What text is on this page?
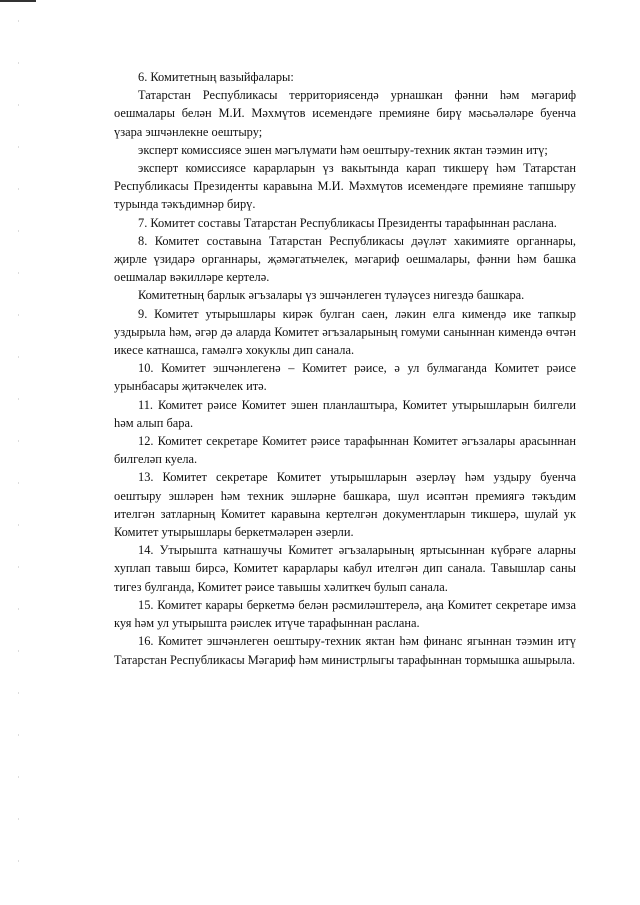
6. Комитетның вазыйфалары:

Татарстан Республикасы территориясендә урнашкан фәнни һәм мәгариф оешмалары белән М.И. Мәхмүтов исемендәге премияне бирү мәсьәләләре буенча үзара эшчәнлекне оештыру;

эксперт комиссиясе эшен мәгълүмати һәм оештыру-техник яктан тәэмин итү;

эксперт комиссиясе карарларын үз вакытында карап тикшерү һәм Татарстан Республикасы Президенты каравына М.И. Мәхмүтов исемендәге премияне тапшыру турында тәкъдимнәр бирү.

7. Комитет составы Татарстан Республикасы Президенты тарафыннан раслана.

8. Комитет составына Татарстан Республикасы дәүләт хакимияте органнары, җирле үзидарә органнары, җәмәгатьчелек, мәгариф оешмалары, фәнни һәм башка оешмалар вәкилләре кертелә.

Комитетның барлык әгъзалары үз эшчәнлеген түләүсез нигездә башкара.

9. Комитет утырышлары кирәк булган саен, ләкин елга кимендә ике тапкыр уздырыла һәм, әгәр дә аларда Комитет әгъзаларының гомуми саныннан кимендә өчтән икесе катнашса, гамәлгә хокуклы дип санала.

10. Комитет эшчәнлегенә – Комитет рәисе, ә ул булмаганда Комитет рәисе урынбасары җитәкчелек итә.

11. Комитет рәисе Комитет эшен планлаштыра, Комитет утырышларын билгели һәм алып бара.

12. Комитет секретаре Комитет рәисе тарафыннан Комитет әгъзалары арасыннан билгеләп куела.

13. Комитет секретаре Комитет утырышларын әзерләү һәм уздыру буенча оештыру эшләрен һәм техник эшләрне башкара, шул исәптән премиягә тәкъдим ителгән затларның Комитет каравына кертелгән документларын тикшерә, шулай ук Комитет утырышлары беркетмәләрен әзерли.

14. Утырышта катнашучы Комитет әгъзаларының яртысыннан күбрәге аларны хуплап тавыш бирсә, Комитет карарлары кабул ителгән дип санала. Тавышлар саны тигез булганда, Комитет рәисе тавышы хәлиткеч булып санала.

15. Комитет карары беркетмә белән рәсмиләштерелә, аңа Комитет секретаре имза куя һәм ул утырышта рәислек итүче тарафыннан раслана.

16. Комитет эшчәнлеген оештыру-техник яктан һәм финанс ягыннан тәэмин итү Татарстан Республикасы Мәгариф һәм министрлыгы тарафыннан тормышка ашырыла.
